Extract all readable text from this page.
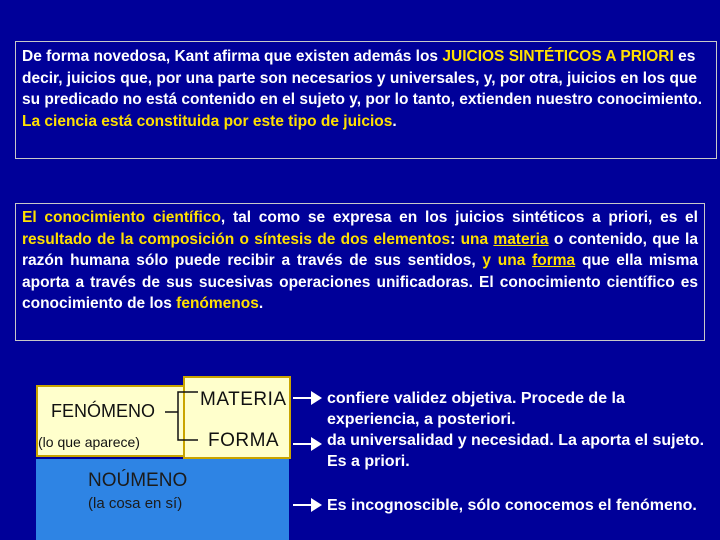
De forma novedosa, Kant afirma que existen además los JUICIOS SINTÉTICOS A PRIORI es decir, juicios que, por una parte son necesarios y universales, y, por otra, juicios en los que su predicado no está contenido en el sujeto y, por lo tanto, extienden nuestro conocimiento. La ciencia está constituida por este tipo de juicios.
El conocimiento científico, tal como se expresa en los juicios sintéticos a priori, es el resultado de la composición o síntesis de dos elementos: una materia o contenido, que la razón humana sólo puede recibir a través de sus sentidos, y una forma que ella misma aporta a través de sus sucesivas operaciones unificadoras. El conocimiento científico es conocimiento de los fenómenos.
FENÓMENO
(lo que aparece)
MATERIA
FORMA
NOÚMENO
(la cosa en sí)
confiere validez objetiva. Procede de la experiencia, a posteriori.
da universalidad y necesidad. La aporta el sujeto. Es a priori.
Es incognoscible, sólo conocemos el fenómeno.
